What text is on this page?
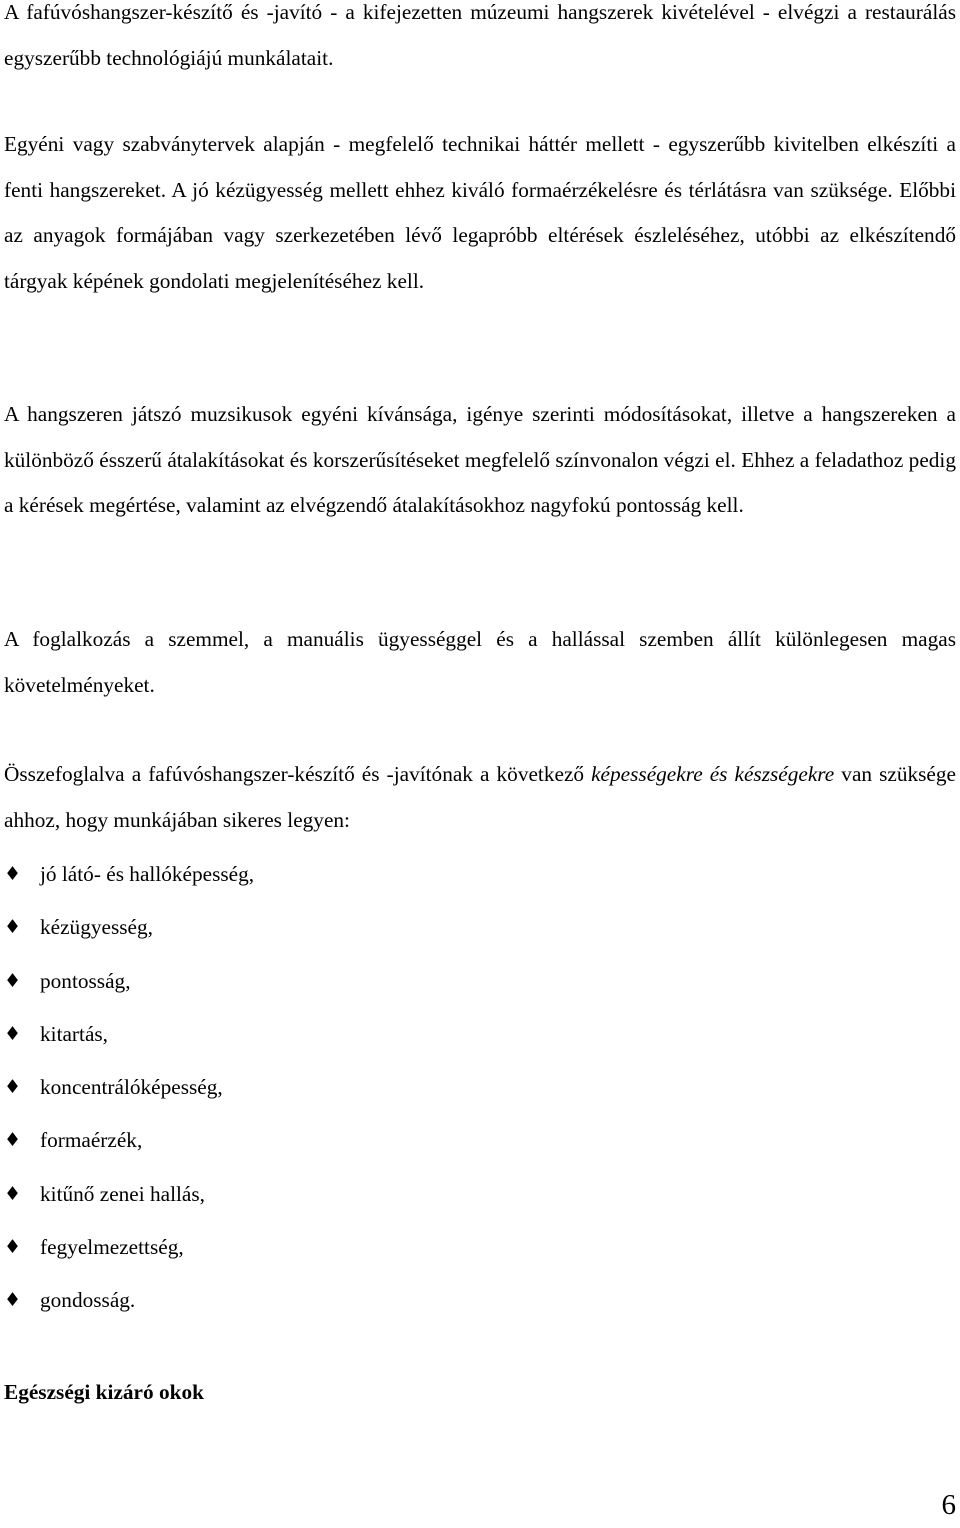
A fafúvóshangszer-készítő és -javító - a kifejezetten múzeumi hangszerek kivételével - elvégzi a restaurálás egyszerűbb technológiájú munkálatait.

Egyéni vagy szabványtervek alapján - megfelelő technikai háttér mellett - egyszerűbb kivitelben elkészíti a fenti hangszereket. A jó kézügyesség mellett ehhez kiváló formaérzékelésre és térlátásra van szüksége. Előbbi az anyagok formájában vagy szerkezetében lévő legapróbb eltérések észleléséhez, utóbbi az elkészítendő tárgyak képének gondolati megjelenítéséhez kell.

A hangszeren játszó muzsikusok egyéni kívánsága, igénye szerinti módosításokat, illetve a hangszereken a különböző ésszerű átalakításokat és korszerűsítéseket megfelelő színvonalon végzi el. Ehhez a feladathoz pedig a kérések megértése, valamint az elvégzendő átalakításokhoz nagyfokú pontosság kell.

A foglalkozás a szemmel, a manuális ügyességgel és a hallással szemben állít különlegesen magas követelményeket.

Összefoglalva a fafúvóshangszer-készítő és -javítónak a következő képességekre és készségekre van szüksége ahhoz, hogy munkájában sikeres legyen:

♦ jó látó- és hallóképesség,
♦ kézügyesség,
♦ pontosság,
♦ kitartás,
♦ koncentrálóképesség,
♦ formaérzék,
♦ kitűnő zenei hallás,
♦ fegyelmezettség,
♦ gondosság.
Egészségi kizáró okok
6
